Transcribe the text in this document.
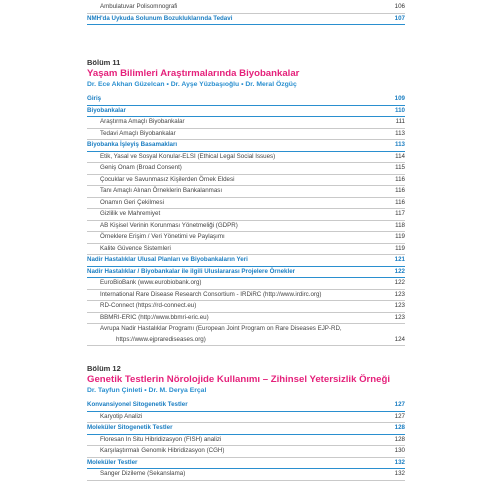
Ambulatuvar Polisomnografi	106
NMH'da Uykuda Solunum Bozukluklarında Tedavi	107
Bölüm 11
Yaşam Bilimleri Araştırmalarında Biyobankalar
Dr. Ece Akhan Güzelcan • Dr. Ayşe Yüzbaşıoğlu • Dr. Meral Özgüç
Giriş	109
Biyobankalar	110
Araştırma Amaçlı Biyobankalar	111
Tedavi Amaçlı Biyobankalar	113
Biyobanka İşleyiş Basamakları	113
Etik, Yasal ve Sosyal Konular-ELSI (Ethical Legal Social Issues)	114
Geniş Onam (Broad Consent)	115
Çocuklar ve Savunmasız Kişilerden Örnek Eldesi	116
Tanı Amaçlı Alınan Örneklerin Bankalanması	116
Onamın Geri Çekilmesi	116
Gizlilik ve Mahremiyet	117
AB Kişisel Verinin Korunması Yönetmeliği (GDPR)	118
Örneklere Erişim / Veri Yönetimi ve Paylaşımı	119
Kalite Güvence Sistemleri	119
Nadir Hastalıklar Ulusal Planları ve Biyobankaların Yeri	121
Nadir Hastalıklar / Biyobankalar ile ilgili Uluslararası Projelere Örnekler	122
EuroBioBank (www.eurobiobank.org)	122
International Rare Disease Research Consortium - IRDiRC (http://www.irdirc.org)	123
RD-Connect (https://rd-connect.eu)	123
BBMRI-ERIC (http://www.bbmri-eric.eu)	123
Avrupa Nadir Hastalıklar Programı (European Joint Program on Rare Diseases EJP-RD,
https://www.ejprarediseases.org)	124
Bölüm 12
Genetik Testlerin Nörolojide Kullanımı – Zihinsel Yetersizlik Örneği
Dr. Tayfun Çinleti • Dr. M. Derya Erçal
Konvansiyonel Sitogenetik Testler	127
Karyotip Analizi	127
Moleküler Sitogenetik Testler	128
Floresan In Situ Hibridizasyon (FISH) analizi	128
Karşılaştırmalı Genomik Hibridizasyon (CGH)	130
Moleküler Testler	132
Sanger Dizileme (Sekanslama)	132
